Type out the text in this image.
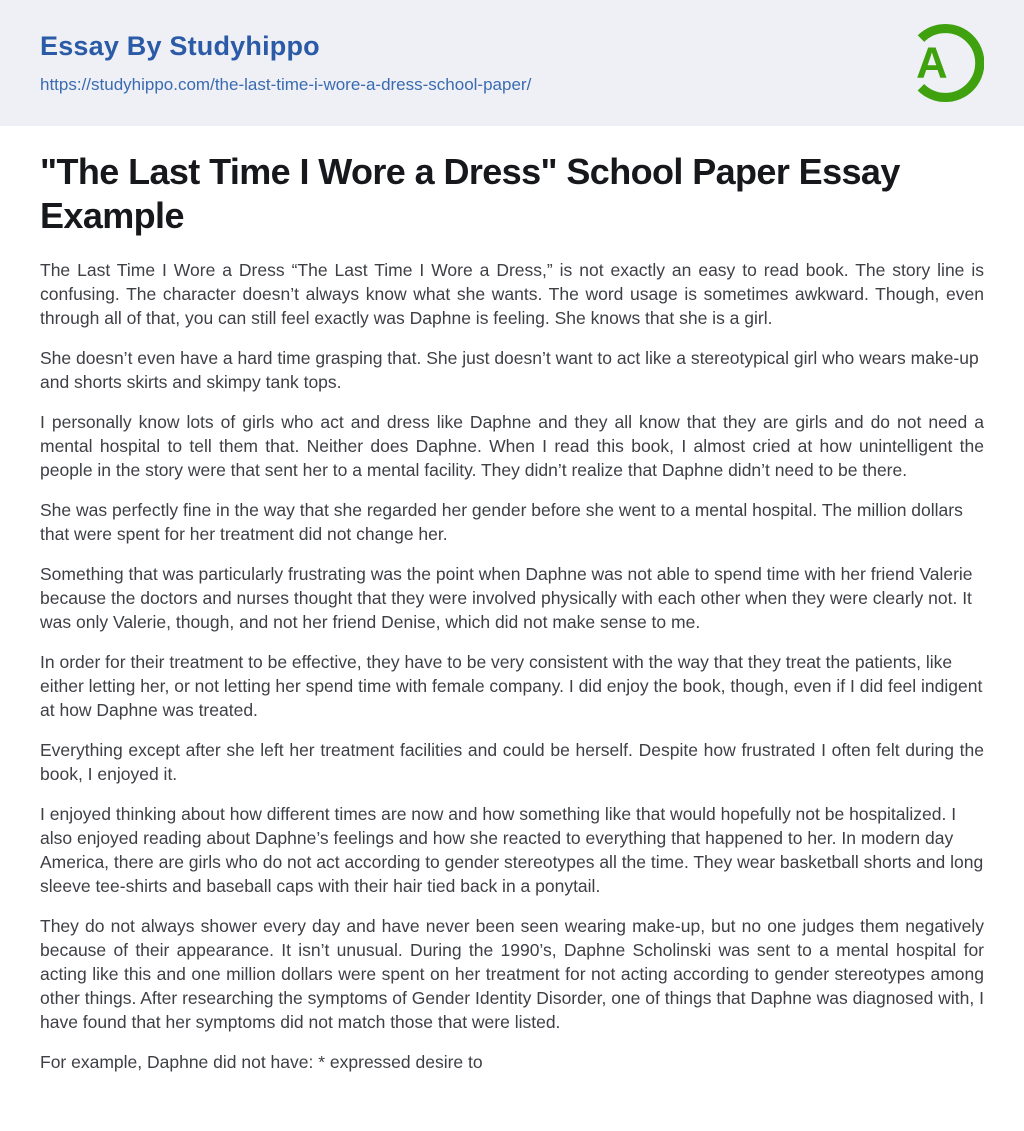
Essay By Studyhippo
https://studyhippo.com/the-last-time-i-wore-a-dress-school-paper/	A
"The Last Time I Wore a Dress" School Paper Essay Example

The Last Time I Wore a Dress “The Last Time I Wore a Dress,” is not exactly an easy to read book. The story line is confusing. The character doesn’t always know what she wants. The word usage is sometimes awkward. Though, even through all of that, you can still feel exactly was Daphne is feeling. She knows that she is a girl.

She doesn’t even have a hard time grasping that. She just doesn’t want to act like a stereotypical girl who wears make-up and shorts skirts and skimpy tank tops.

I personally know lots of girls who act and dress like Daphne and they all know that they are girls and do not need a mental hospital to tell them that. Neither does Daphne. When I read this book, I almost cried at how unintelligent the people in the story were that sent her to a mental facility. They didn’t realize that Daphne didn’t need to be there.

She was perfectly fine in the way that she regarded her gender before she went to a mental hospital. The million dollars that were spent for her treatment did not change her.

Something that was particularly frustrating was the point when Daphne was not able to spend time with her friend Valerie because the doctors and nurses thought that they were involved physically with each other when they were clearly not. It was only Valerie, though, and not her friend Denise, which did not make sense to me.

In order for their treatment to be effective, they have to be very consistent with the way that they treat the patients, like either letting her, or not letting her spend time with female company. I did enjoy the book, though, even if I did feel indigent at how Daphne was treated.

Everything except after she left her treatment facilities and could be herself. Despite how frustrated I often felt during the book, I enjoyed it.

I enjoyed thinking about how different times are now and how something like that would hopefully not be hospitalized. I also enjoyed reading about Daphne’s feelings and how she reacted to everything that happened to her. In modern day America, there are girls who do not act according to gender stereotypes all the time. They wear basketball shorts and long sleeve tee-shirts and baseball caps with their hair tied back in a ponytail.

They do not always shower every day and have never been seen wearing make-up, but no one judges them negatively because of their appearance. It isn’t unusual. During the 1990’s, Daphne Scholinski was sent to a mental hospital for acting like this and one million dollars were spent on her treatment for not acting according to gender stereotypes among other things. After researching the symptoms of Gender Identity Disorder, one of things that Daphne was diagnosed with, I have found that her symptoms did not match those that were listed.

For example, Daphne did not have: * expressed desire to
